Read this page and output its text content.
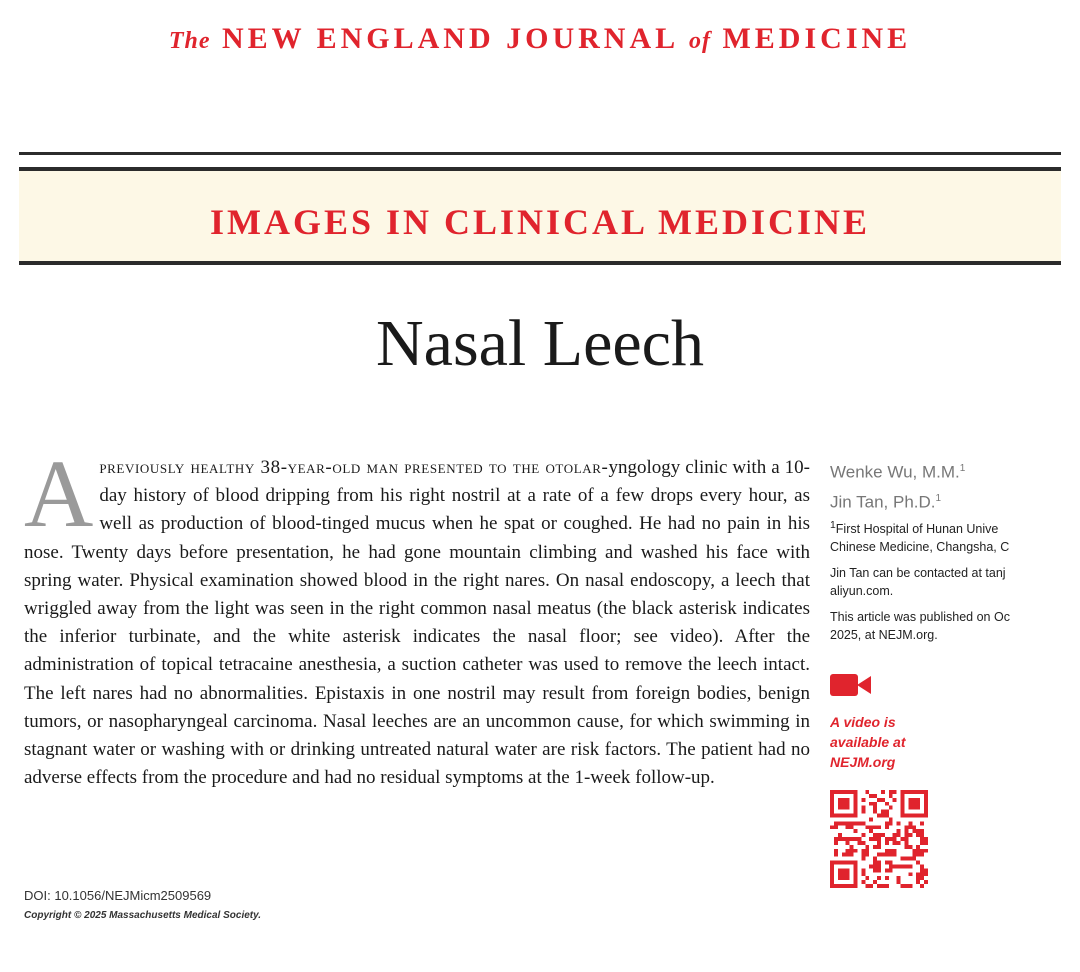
The NEW ENGLAND JOURNAL of MEDICINE
IMAGES IN CLINICAL MEDICINE
Nasal Leech
Apreviously healthy 38-year-old man presented to the otolar-yngology clinic with a 10-day history of blood dripping from his right nostril at a rate of a few drops every hour, as well as production of blood-tinged mucus when he spat or coughed. He had no pain in his nose. Twenty days before presentation, he had gone mountain climbing and washed his face with spring water. Physical examination showed blood in the right nares. On nasal endoscopy, a leech that wriggled away from the light was seen in the right common nasal meatus (the black asterisk indicates the inferior turbinate, and the white asterisk indicates the nasal floor; see video). After the administration of topical tetracaine anesthesia, a suction catheter was used to remove the leech intact. The left nares had no abnormalities. Epistaxis in one nostril may result from foreign bodies, benign tumors, or nasopharyngeal carcinoma. Nasal leeches are an uncommon cause, for which swimming in stagnant water or washing with or drinking untreated natural water are risk factors. The patient had no adverse effects from the procedure and had no residual symptoms at the 1-week follow-up.
DOI: 10.1056/NEJMicm2509569
Copyright © 2025 Massachusetts Medical Society.
Wenke Wu, M.M.$^1$
Jin Tan, Ph.D.$^1$
$^1$First Hospital of Hunan Unive
Chinese Medicine, Changsha, C
Jin Tan can be contacted at tanj
aliyun.com.
This article was published on Oc
2025, at NEJM.org.
A video is
available at
NEJM.org
